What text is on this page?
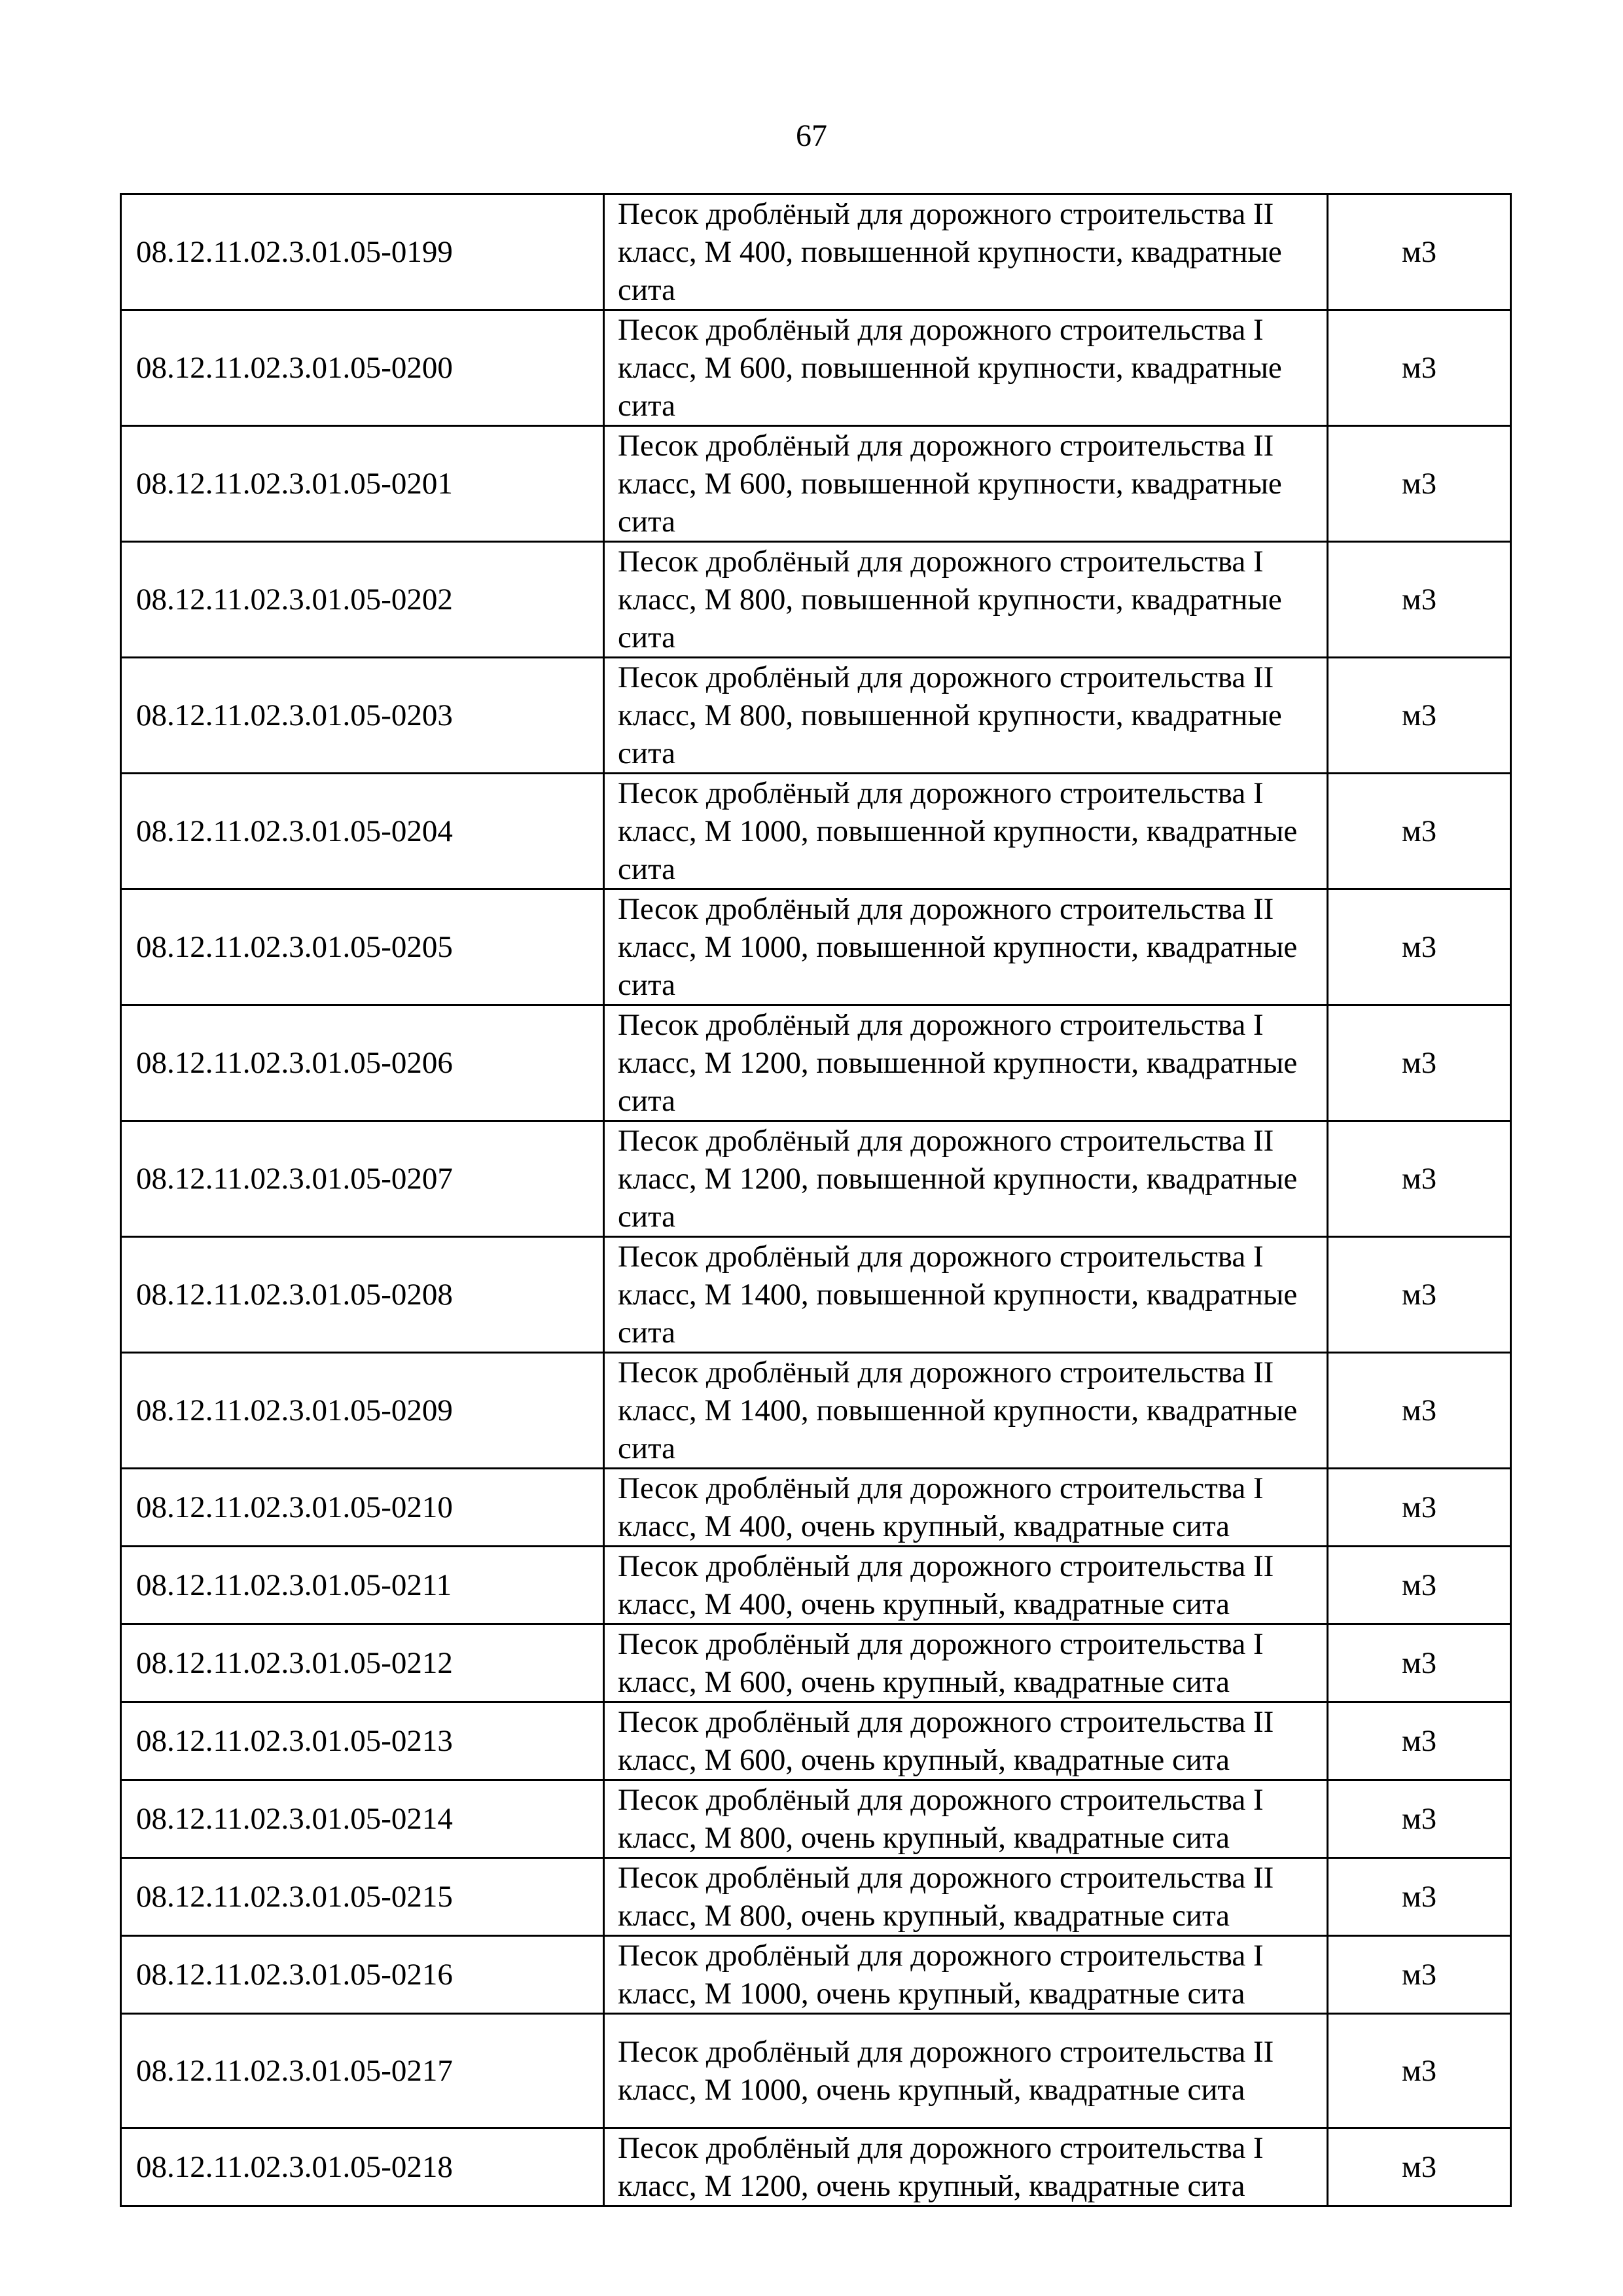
67
08.12.11.02.3.01.05-0199	Песок дроблёный для дорожного строительства II класс, М 400, повышенной крупности, квадратные сита	м3
08.12.11.02.3.01.05-0200	Песок дроблёный для дорожного строительства I класс, М 600, повышенной крупности, квадратные сита	м3
08.12.11.02.3.01.05-0201	Песок дроблёный для дорожного строительства II класс, М 600, повышенной крупности, квадратные сита	м3
08.12.11.02.3.01.05-0202	Песок дроблёный для дорожного строительства I класс, М 800, повышенной крупности, квадратные сита	м3
08.12.11.02.3.01.05-0203	Песок дроблёный для дорожного строительства II класс, М 800, повышенной крупности, квадратные сита	м3
08.12.11.02.3.01.05-0204	Песок дроблёный для дорожного строительства I класс, М 1000, повышенной крупности, квадратные сита	м3
08.12.11.02.3.01.05-0205	Песок дроблёный для дорожного строительства II класс, М 1000, повышенной крупности, квадратные сита	м3
08.12.11.02.3.01.05-0206	Песок дроблёный для дорожного строительства I класс, М 1200, повышенной крупности, квадратные сита	м3
08.12.11.02.3.01.05-0207	Песок дроблёный для дорожного строительства II класс, М 1200, повышенной крупности, квадратные сита	м3
08.12.11.02.3.01.05-0208	Песок дроблёный для дорожного строительства I класс, М 1400, повышенной крупности, квадратные сита	м3
08.12.11.02.3.01.05-0209	Песок дроблёный для дорожного строительства II класс, М 1400, повышенной крупности, квадратные сита	м3
08.12.11.02.3.01.05-0210	Песок дроблёный для дорожного строительства I класс, М 400, очень крупный, квадратные сита	м3
08.12.11.02.3.01.05-0211	Песок дроблёный для дорожного строительства II класс, М 400, очень крупный, квадратные сита	м3
08.12.11.02.3.01.05-0212	Песок дроблёный для дорожного строительства I класс, М 600, очень крупный, квадратные сита	м3
08.12.11.02.3.01.05-0213	Песок дроблёный для дорожного строительства II класс, М 600, очень крупный, квадратные сита	м3
08.12.11.02.3.01.05-0214	Песок дроблёный для дорожного строительства I класс, М 800, очень крупный, квадратные сита	м3
08.12.11.02.3.01.05-0215	Песок дроблёный для дорожного строительства II класс, М 800, очень крупный, квадратные сита	м3
08.12.11.02.3.01.05-0216	Песок дроблёный для дорожного строительства I класс, М 1000, очень крупный, квадратные сита	м3
08.12.11.02.3.01.05-0217	Песок дроблёный для дорожного строительства II класс, М 1000, очень крупный, квадратные сита	м3
08.12.11.02.3.01.05-0218	Песок дроблёный для дорожного строительства I класс, М 1200, очень крупный, квадратные сита	м3
